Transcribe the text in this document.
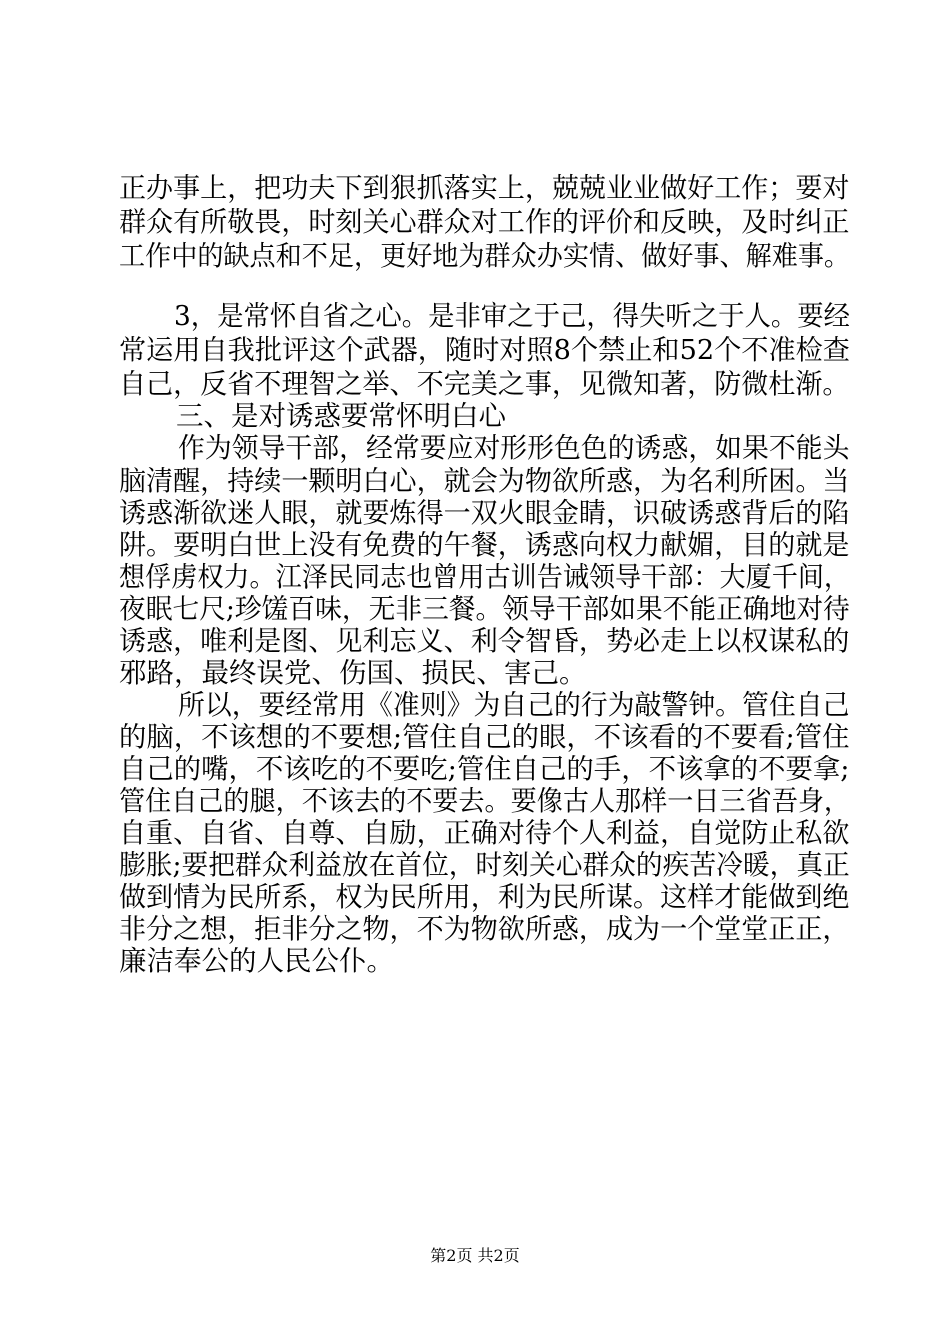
正办事上，把功夫下到狠抓落实上，兢兢业业做好工作；要对
群众有所敬畏，时刻关心群众对工作的评价和反映，及时纠正
工作中的缺点和不足，更好地为群众办实情、做好事、解难事。
3，是常怀自省之心。是非审之于己，得失听之于人。要经
常运用自我批评这个武器，随时对照8个禁止和52个不准检查
自己，反省不理智之举、不完美之事，见微知著，防微杜渐。
三、是对诱惑要常怀明白心
作为领导干部，经常要应对形形色色的诱惑，如果不能头
脑清醒，持续一颗明白心，就会为物欲所惑，为名利所困。当
诱惑渐欲迷人眼，就要炼得一双火眼金睛，识破诱惑背后的陷
阱。要明白世上没有免费的午餐，诱惑向权力献媚，目的就是
想俘虏权力。江泽民同志也曾用古训告诫领导干部：大厦千间，
夜眠七尺;珍馐百味，无非三餐。领导干部如果不能正确地对待
诱惑，唯利是图、见利忘义、利令智昏，势必走上以权谋私的
邪路，最终误党、伤国、损民、害己。
所以，要经常用《准则》为自己的行为敲警钟。管住自己
的脑，不该想的不要想;管住自己的眼，不该看的不要看;管住
自己的嘴，不该吃的不要吃;管住自己的手，不该拿的不要拿;
管住自己的腿，不该去的不要去。要像古人那样一日三省吾身，
自重、自省、自尊、自励，正确对待个人利益，自觉防止私欲
膨胀;要把群众利益放在首位，时刻关心群众的疾苦冷暖，真正
做到情为民所系，权为民所用，利为民所谋。这样才能做到绝
非分之想，拒非分之物，不为物欲所惑，成为一个堂堂正正，
廉洁奉公的人民公仆。
第2页 共2页
